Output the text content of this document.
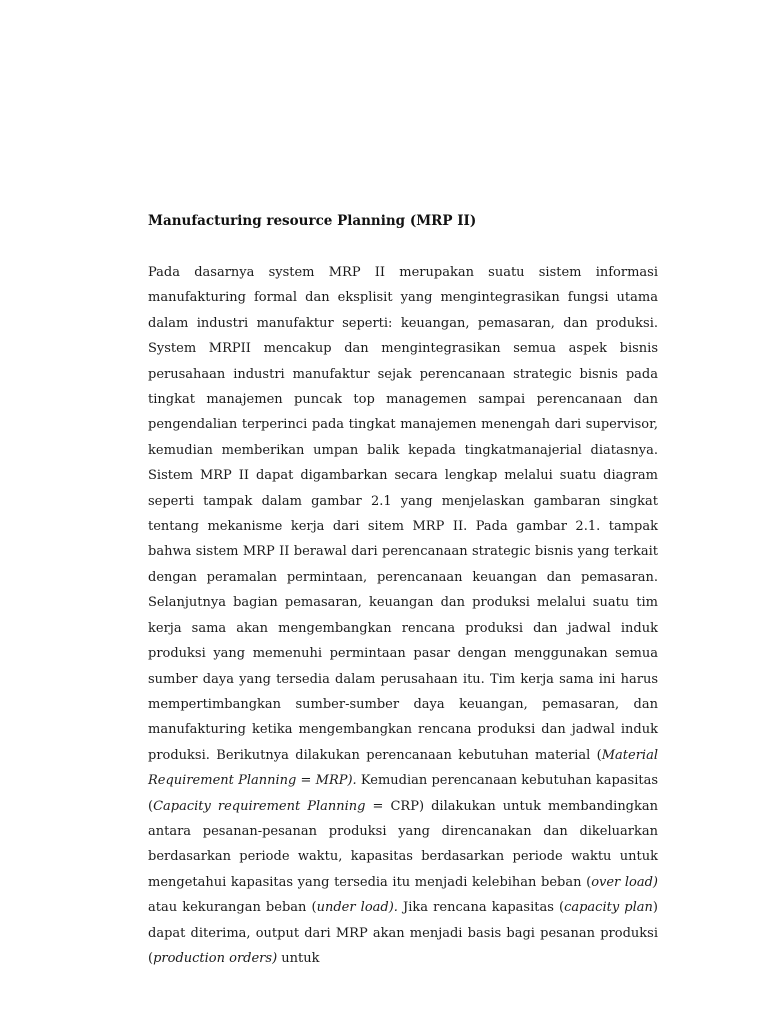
Manufacturing resource Planning (MRP II)

Pada dasarnya system MRP II merupakan suatu sistem informasi manufakturing formal dan eksplisit yang mengintegrasikan fungsi utama dalam industri manufaktur seperti: keuangan, pemasaran, dan produksi. System MRPII mencakup dan mengintegrasikan semua aspek bisnis perusahaan industri manufaktur sejak perencanaan strategic bisnis pada tingkat manajemen puncak top managemen sampai perencanaan dan pengendalian terperinci pada tingkat manajemen menengah dari supervisor, kemudian memberikan umpan balik kepada tingkatmanajerial diatasnya. Sistem MRP II dapat digambarkan secara lengkap melalui suatu diagram seperti tampak dalam gambar 2.1 yang menjelaskan gambaran singkat tentang mekanisme kerja dari sitem MRP II. Pada gambar 2.1. tampak bahwa sistem MRP II berawal dari perencanaan strategic bisnis yang terkait dengan peramalan permintaan, perencanaan keuangan dan pemasaran. Selanjutnya bagian pemasaran, keuangan dan produksi melalui suatu tim kerja sama akan mengembangkan rencana produksi dan jadwal induk produksi yang memenuhi permintaan pasar dengan menggunakan semua sumber daya yang tersedia dalam perusahaan itu. Tim kerja sama ini harus mempertimbangkan sumber-sumber daya keuangan, pemasaran, dan manufakturing ketika mengembangkan rencana produksi dan jadwal induk produksi. Berikutnya dilakukan perencanaan kebutuhan material (Material Requirement Planning = MRP). Kemudian perencanaan kebutuhan kapasitas (Capacity requirement Planning = CRP) dilakukan untuk membandingkan antara pesanan-pesanan produksi yang direncanakan dan dikeluarkan berdasarkan periode waktu, kapasitas berdasarkan periode waktu untuk mengetahui kapasitas yang tersedia itu menjadi kelebihan beban (over load) atau kekurangan beban (under load). Jika rencana kapasitas (capacity plan) dapat diterima, output dari MRP akan menjadi basis bagi pesanan produksi (production orders) untuk
